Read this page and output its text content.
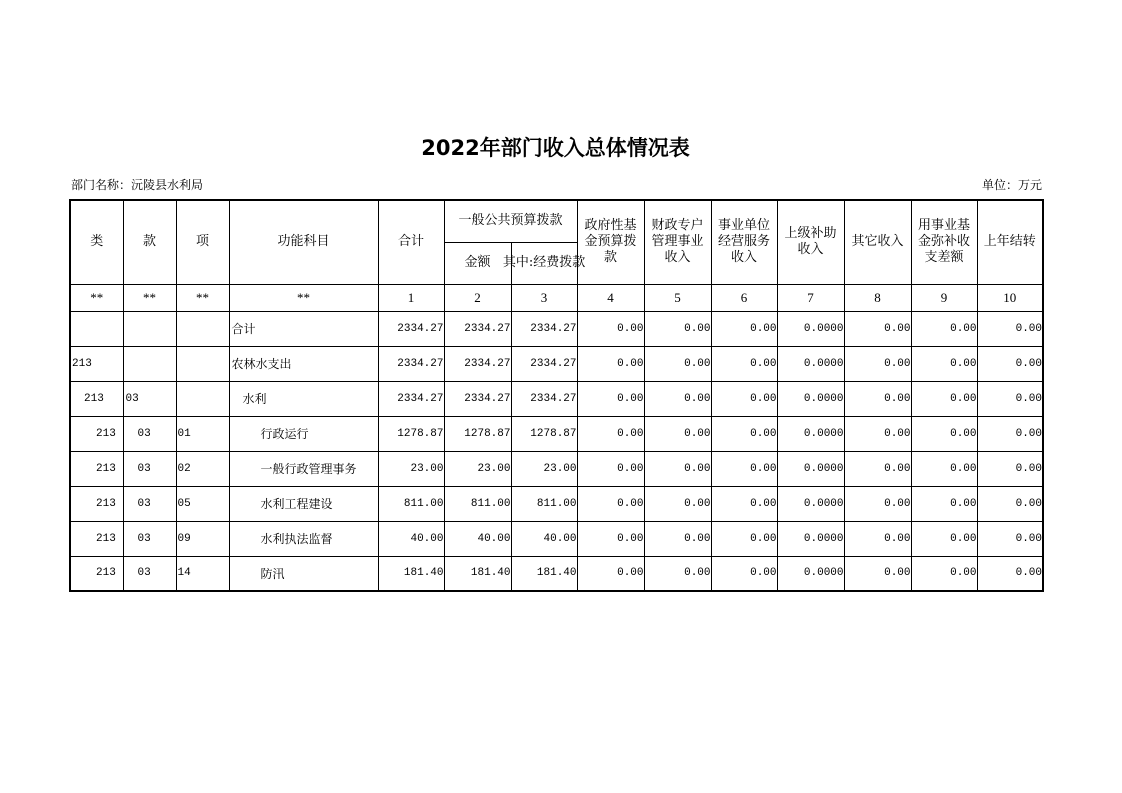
2022年部门收入总体情况表
部门名称：沅陵县水利局	单位：万元
类	款	项	功能科目	合计	一般公共预算拨款		政府性基金预算拨款	财政专户管理事业收入	事业单位经营服务收入	上级补助收入	其它收入	用事业基金弥补收支差额	上年结转
					金额	其中:经费拨款							

**	**	**	**	1	2	3	4	5	6	7	8	9	10
			合计	2334.27	2334.27	2334.27	0.00	0.00	0.00	0.0000	0.00	0.00	0.00
213			农林水支出	2334.27	2334.27	2334.27	0.00	0.00	0.00	0.0000	0.00	0.00	0.00
213	03		水利	2334.27	2334.27	2334.27	0.00	0.00	0.00	0.0000	0.00	0.00	0.00
213	03	01	行政运行	1278.87	1278.87	1278.87	0.00	0.00	0.00	0.0000	0.00	0.00	0.00
213	03	02	一般行政管理事务	23.00	23.00	23.00	0.00	0.00	0.00	0.0000	0.00	0.00	0.00
213	03	05	水利工程建设	811.00	811.00	811.00	0.00	0.00	0.00	0.0000	0.00	0.00	0.00
213	03	09	水利执法监督	40.00	40.00	40.00	0.00	0.00	0.00	0.0000	0.00	0.00	0.00
213	03	14	防汛	181.40	181.40	181.40	0.00	0.00	0.00	0.0000	0.00	0.00	0.00
